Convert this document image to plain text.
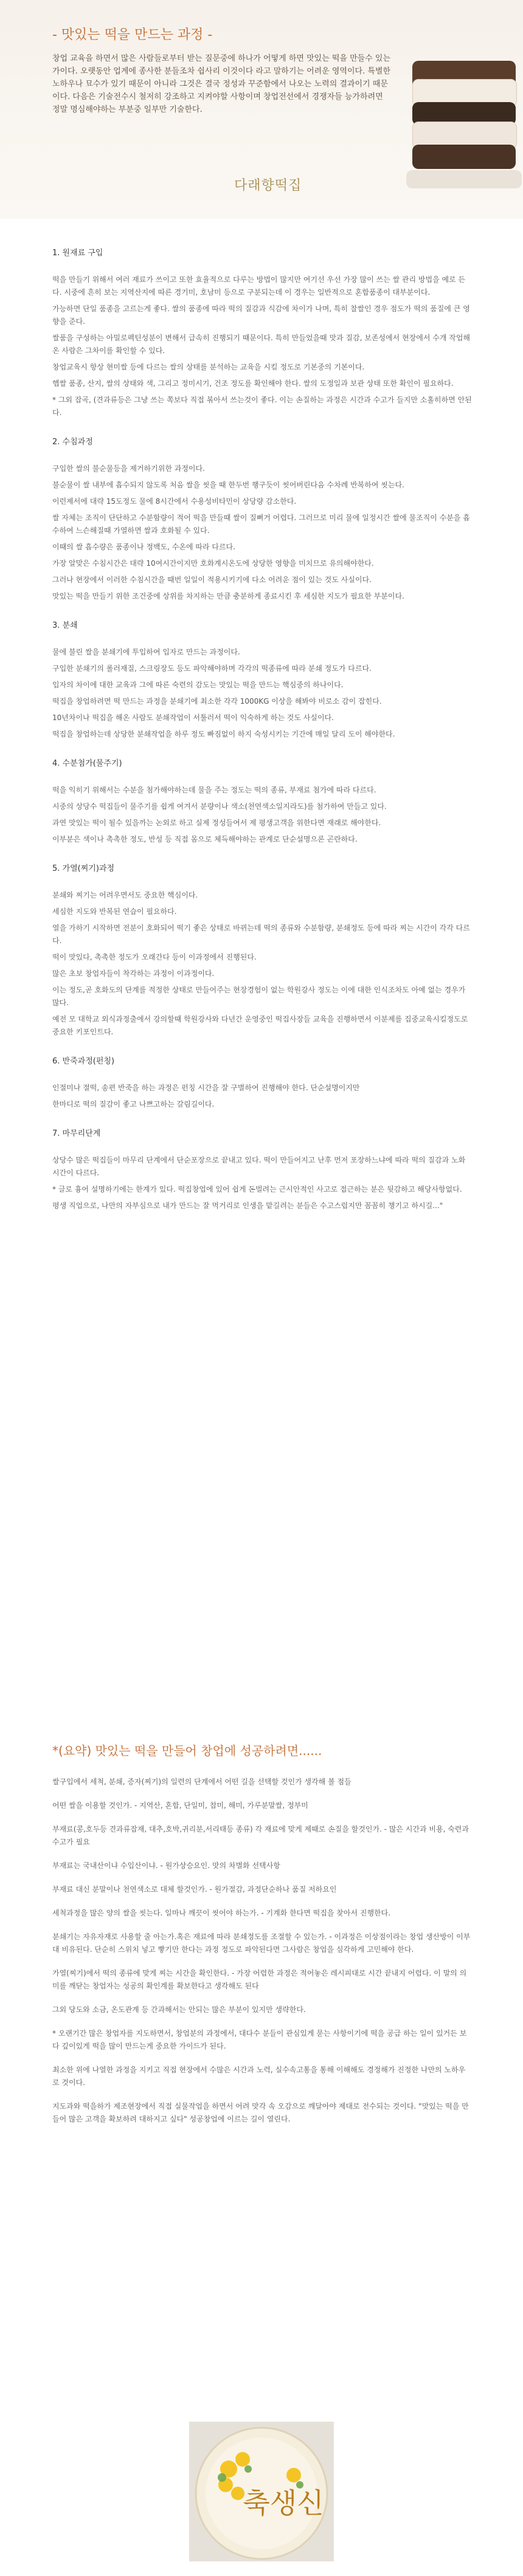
- 맛있는 떡을 만드는 과정 -
창업 교육을 하면서 많은 사람들로부터 받는 질문중에 하나가 어떻게 하면 맛있는 떡을 만들수 있는가이다. 오랫동안 업계에 종사한 분들조차 쉽사리 이것이다 라고 말하기는 어려운 영역이다. 특별한 노하우나 묘수가 있기 때문이 아니라 그것은 결국 정성과 꾸준함에서 나오는 노력의 결과이기 때문이다. 다음은 기술전수시 철저히 강조하고 지켜야할 사항이며 창업전선에서 경쟁자들 능가하려면 정말 명심해야하는 부분중 일부만 기술한다.
다래향떡집
1. 원재료 구입

떡을 만들기 위해서 여러 재료가 쓰이고 또한 효율적으로 다루는 방법이 많지만 여기선 우선 가장 많이 쓰는 쌀 관리 방법을 예로 든다. 시중에 흔히 보는 지역산지에 따른 경기미, 호남미 등으로 구분되는데 이 경우는 일반적으로 혼합품종이 대부분이다.

가능하면 단일 품종을 고르는게 좋다. 쌀의 품종에 따라 떡의 질감과 식감에 차이가 나며, 특히 찰쌀인 경우 점도가 떡의 품질에 큰 영향을 준다.

쌀품을 구성하는 아밀로펙틴성분이 변해서 급속히 진행되기 때문이다. 특히 만들었을때 맛과 질감, 보존성에서 현장에서 수개 작업해온 사람은 그차이를 확인할 수 있다.

창업교육시 항상 현미쌀 등에 다르는 쌀의 상태를 분석하는 교육을 시킬 정도로 기본중의 기본이다.

햅쌀 품종, 산지, 쌀의 상태와 색, 그리고 정미시기, 건조 정도를 확인해야 한다. 쌀의 도정일과 보관 상태 또한 확인이 필요하다.

* 그외 잡곡, (견과류등은 그냥 쓰는 쪽보다 직접 볶아서 쓰는것이 좋다. 이는 손질하는 과정은 시간과 수고가 들지만 소홀히하면 안된다.

2. 수침과정

구입한 쌀의 불순물등을 제거하기위한 과정이다.

불순물이 쌀 내부에 흡수되지 않도록 처음 쌀을 씻을 때 한두번 행구듯이 씻어버린다음 수차례 반복하여 씻는다.

이런제서에 대략 15도정도 물에 8시간에서 수용성비타민이 상당량 감소한다.

쌀 자체는 조직이 단단하고 수분함량이 적어 떡을 만들때 쌀이 질뻐거 어렵다. 그러므로 미리 물에 일정시간 쌀에 물조직이 수분을 흡수하여 느슨해질때 가열하면 쌀과 호화될 수 있다.

이때의 쌀 흡수량은 품종이나 정백도, 수온에 따라 다르다.

가장 알맞은 수침시간은 대략 10여시간이지만 호화계시온도에 상당한 영향을 미치므로 유의해야한다.

그러나 현장에서 이러한 수침시간을 때번 일일이 적용시키기에 다소 어려운 점이 있는 것도 사실이다.

맛있는 떡을 만들기 위한 조건중에 상위를 차지하는 만큼 충분하게 종료시킨 후 세심한 지도가 필요한 부분이다.

3. 분쇄

물에 불린 쌀을 분쇄기에 투입하여 입자로 만드는 과정이다.

구입한 분쇄기의 롤러재질, 스크링장도 등도 파악해야하며 각각의 떡종류에 따라 분쇄 정도가 다르다.

입자의 차이에 대한 교육과 그에 따른 숙련의 감도는 맛있는 떡을 만드는 핵심중의 하나이다.

떡집을 창업하려면 떡 만드는 과정을 분쇄기에 최소한 각각 1000KG 이상을 해봐야 비로소 감이 잡힌다.

10년차이나 떡집을 해온 사람도 분쇄작업이 서툴러서 떡이 익숙하게 하는 것도 사실이다.

떡집을 창업하는데 상당한 분쇄작업을 하루 정도 빠짐없이 하지 숙성시키는 기간에 매일 달리 도이 해야한다.

4. 수분첨가(물주기)

떡을 익히기 위해서는 수분을 첨가해야하는데 물을 주는 정도는 떡의 종류, 부재료 첨가에 따라 다르다.

시중의 상당수 떡집들이 물주기를 쉽게 여겨서 분량이나 색소(천연색소일지라도)를 첨가하여 만들고 있다.

과연 맛있는 떡이 될수 있을까는 논외로 하고 실제 정성들여서 제 평생고객을 위한다면 재래로 해야한다.

이부분은 색이나 촉촉한 정도, 반성 등 직접 몸으로 체득해야하는 관계로 단순설명으론 곤란하다.

5. 가열(찌기)과정

분쇄와 찌기는 어려우면서도 중요한 핵심이다.

세심한 지도와 반복된 연습이 필요하다.

열을 가하기 시작하면 전분이 호화되어 떡기 좋은 상태로 바뀌는데 떡의 종류와 수분함량, 분쇄정도 등에 따라 찌는 시간이 각각 다르다.

떡이 맛있다, 촉촉한 정도가 오래간다 등이 이과정에서 진행된다.

많은 초보 창업자들이 착각하는 과정이 이과정이다.

이는 정도,곧 호화도의 단계를 적정한 상태로 만들어주는 현장경험이 없는 학원강사 정도는 이에 대한 인식조차도 아예 없는 경우가 많다.

예전 모 대학교 외식과정출에서 강의할때 학원강사와 다년간 운영중인 떡집사장들 교육을 진행하면서 이분제를 집중교육시킬정도로 중요한 키포인트다.

6. 반죽과정(펀칭)

인절미나 절떡, 송편 반죽을 하는 과정은 펀칭 시간을 잘 구별하여 진행해야 한다. 단순설명이지만

한마디로 떡의 질감이 좋고 나쁘고하는 갈림길이다.

7. 마무리단계

상당수 많은 떡집들이 마무리 단계에서 단순포장으로 끝내고 있다. 떡이 만들어지고 난후 먼저 포장하느냐에 따라 떡의 질감과 노화시간이 다르다.

* 글로 흉어 설명하기에는 한계가 있다. 떡집창업에 있어 쉽게 돈벌려는 근시안적인 사고로 접근하는 분은 뒷감하고 해당사항없다.

평생 직업으로, 나만의 자부심으로 내가 만드는 잘 먹거리로 인생을 맡길려는 분들은 수고스럽지만 꼼꼼히 챙기고 하시길..."

*(요약) 맛있는 떡을 만들어 창업에 성공하려면......

쌀구입에서 세척, 분쇄, 증자(찌기)의 일련의 단계에서 어떤 길을 선택할 것인가 생각해 볼 점들

어떤 쌀을 이용할 것인가. - 지역산, 혼합, 단일미, 찹미, 해미, 가루분말쌀, 정부미

부재료(콩,호두등 견과류잡재, 대추,호박,귀리분,서리태등 종류) 각 재료에 맞게 제때로 손질을 할것인가. - 많은 시간과 비용, 숙련과 수고가 필요

부재료는 국내산이냐 수입산이냐. - 원가상승요인. 맛의 차별화 선택사항

부재료 대신 분말이나 천연색소로 대체 할것인가. - 원가절감, 과정단순하나 품질 저하요인

세척과정을 많은 양의 쌀을 씻는다. 일마나 깨끗이 씻어야 하는가. - 기계화 한다면 떡집을 찾아서 진행한다.

분쇄기는 자유자재로 사용할 줄 아는가.혹은 재료에 따라 분쇄정도를 조절할 수 있는가. - 이과정은 이상점이라는 창업 생산방이 이부대 비유된다. 단순히 스위치 넣고 빻기만 한다는 과정 정도로 파악된다면 그사람은 창업을 심각하게 고민해야 한다.

가열(찌기)에서 떡의 종류에 맞게 찌는 시간을 확인한다. - 가장 어렵한 과정은 적어놓은 레시피대로 시간 끝내지 어렵다. 이 말의 의미를 깨닫는 창업자는 성공의 확인계를 확보한다고 생각해도 된다

그외 당도와 소금, 온도관계 등 간과해서는 안되는 많은 부분이 있지만 생략한다.

* 오랜기간 많은 창업자를 지도하면서, 창업분의 과정에서, 대다수 분들이 관심있게 묻는 사항이기에 떡을 공급 하는 일이 있거든 보다 깊이있게 떡을 많이 만드는게 중요한 가이드가 된다.

최소한 위에 나열한 과정을 지키고 직접 현장에서 수많은 시간과 노력, 실수속고통을 통해 이해해도 경정해가 진정한 나만의 노하우로 것이다.

지도과와 떡을하가 제조현장에서 직접 실물작업을 하면서 어려 맛각 속 오감으로 깨달아야 제대로 전수되는 것이다. "맛있는 떡을 만들어 많은 고객을 확보하려 대하지고 싶다" 성공창업에 이르는 길이 열린다.

축생신
